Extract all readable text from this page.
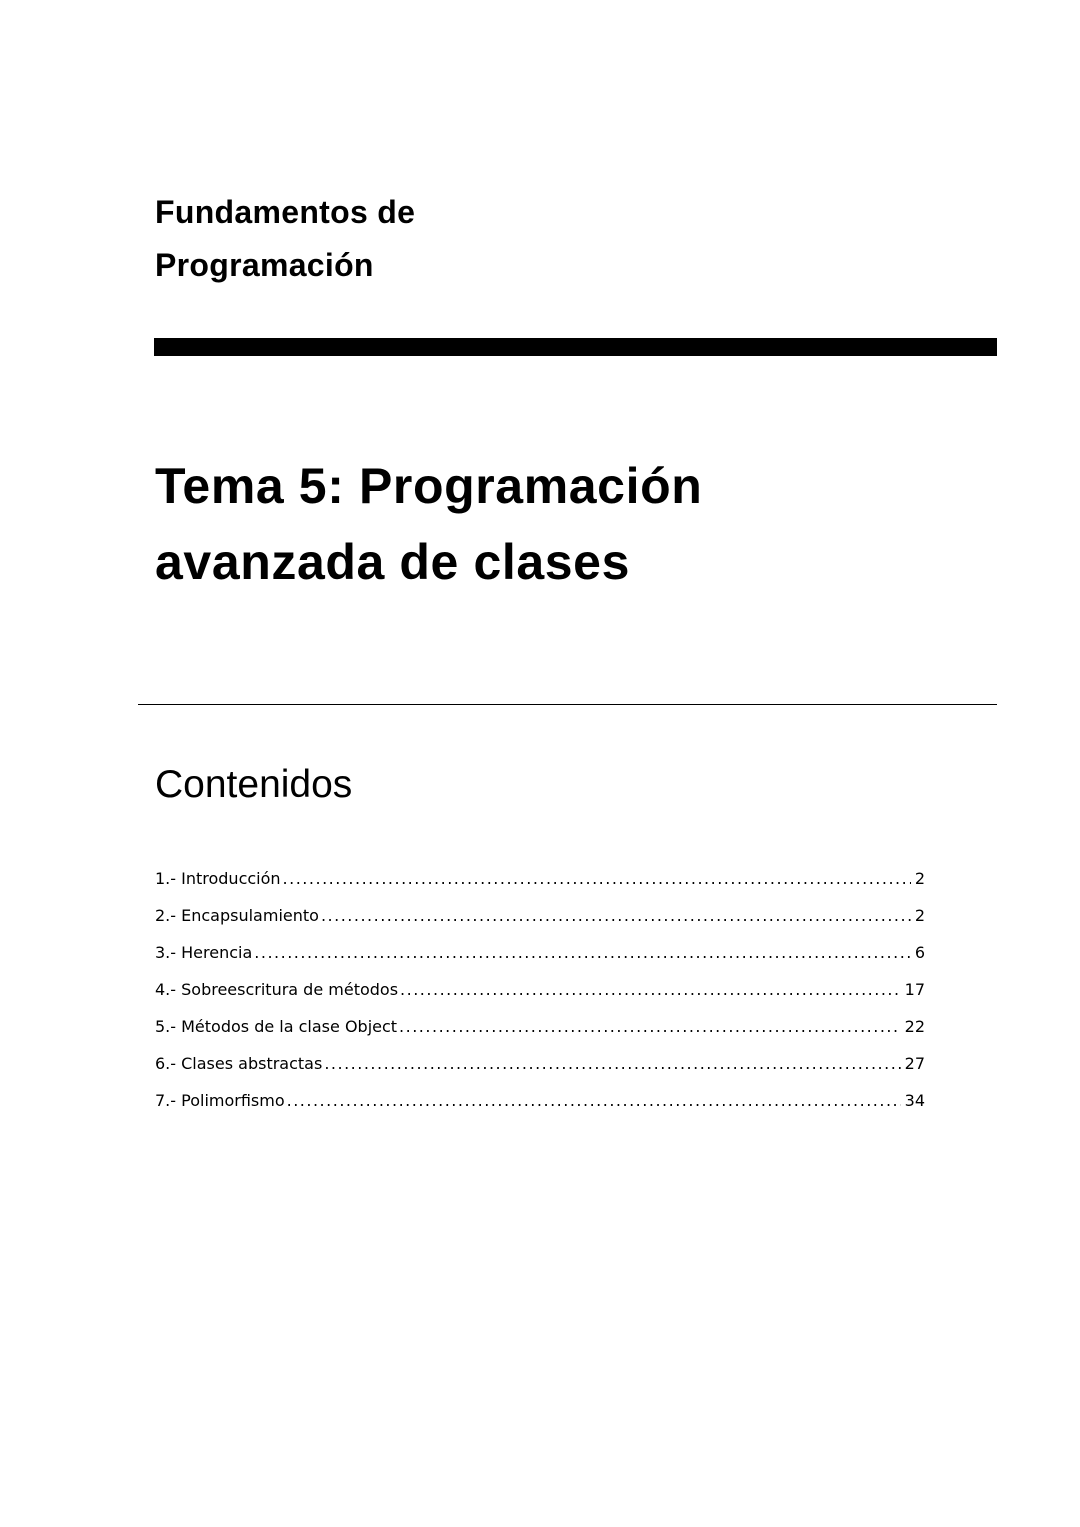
Fundamentos de
Programación
Tema 5: Programación
avanzada de clases
Contenidos
1.- Introducción .....	2
2.- Encapsulamiento .....	2
3.- Herencia .....	6
4.- Sobreescritura de métodos .....	17
5.- Métodos de la clase Object .....	22
6.- Clases abstractas .....	27
7.- Polimorfismo .....	34
